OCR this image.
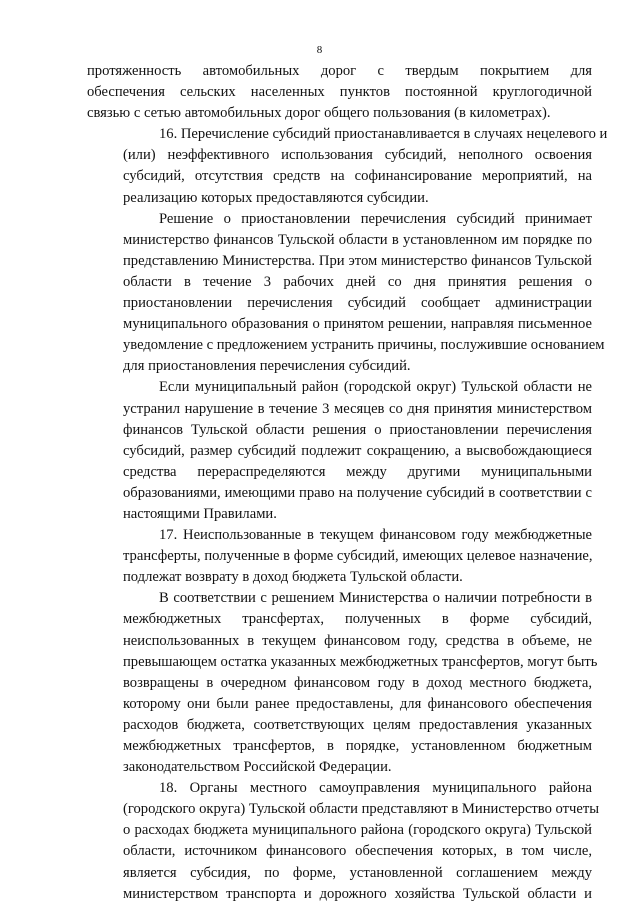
8
протяженность автомобильных дорог с твердым покрытием для
обеспечения сельских населенных пунктов постоянной круглогодичной
связью с сетью автомобильных дорог общего пользования (в километрах).
16. Перечисление субсидий приостанавливается в случаях нецелевого и
(или) неэффективного использования субсидий, неполного освоения
субсидий, отсутствия средств на софинансирование мероприятий, на
реализацию которых предоставляются субсидии.
Решение о приостановлении перечисления субсидий принимает
министерство финансов Тульской области в установленном им порядке по
представлению Министерства. При этом министерство финансов Тульской
области в течение 3 рабочих дней со дня принятия решения о
приостановлении перечисления субсидий сообщает администрации
муниципального образования о принятом решении, направляя письменное
уведомление с предложением устранить причины, послужившие основанием
для приостановления перечисления субсидий.
Если муниципальный район (городской округ) Тульской области не
устранил нарушение в течение 3 месяцев со дня принятия министерством
финансов Тульской области решения о приостановлении перечисления
субсидий, размер субсидий подлежит сокращению, а высвобождающиеся
средства перераспределяются между другими муниципальными
образованиями, имеющими право на получение субсидий в соответствии с
настоящими Правилами.
17. Неиспользованные в текущем финансовом году межбюджетные
трансферты, полученные в форме субсидий, имеющих целевое назначение,
подлежат возврату в доход бюджета Тульской области.
В соответствии с решением Министерства о наличии потребности в
межбюджетных трансфертах, полученных в форме субсидий,
неиспользованных в текущем финансовом году, средства в объеме, не
превышающем остатка указанных межбюджетных трансфертов, могут быть
возвращены в очередном финансовом году в доход местного бюджета,
которому они были ранее предоставлены, для финансового обеспечения
расходов бюджета, соответствующих целям предоставления указанных
межбюджетных трансфертов, в порядке, установленном бюджетным
законодательством Российской Федерации.
18. Органы местного самоуправления муниципального района
(городского округа) Тульской области представляют в Министерство отчеты
о расходах бюджета муниципального района (городского округа) Тульской
области, источником финансового обеспечения которых, в том числе,
является субсидия, по форме, установленной соглашением между
министерством транспорта и дорожного хозяйства Тульской области и
